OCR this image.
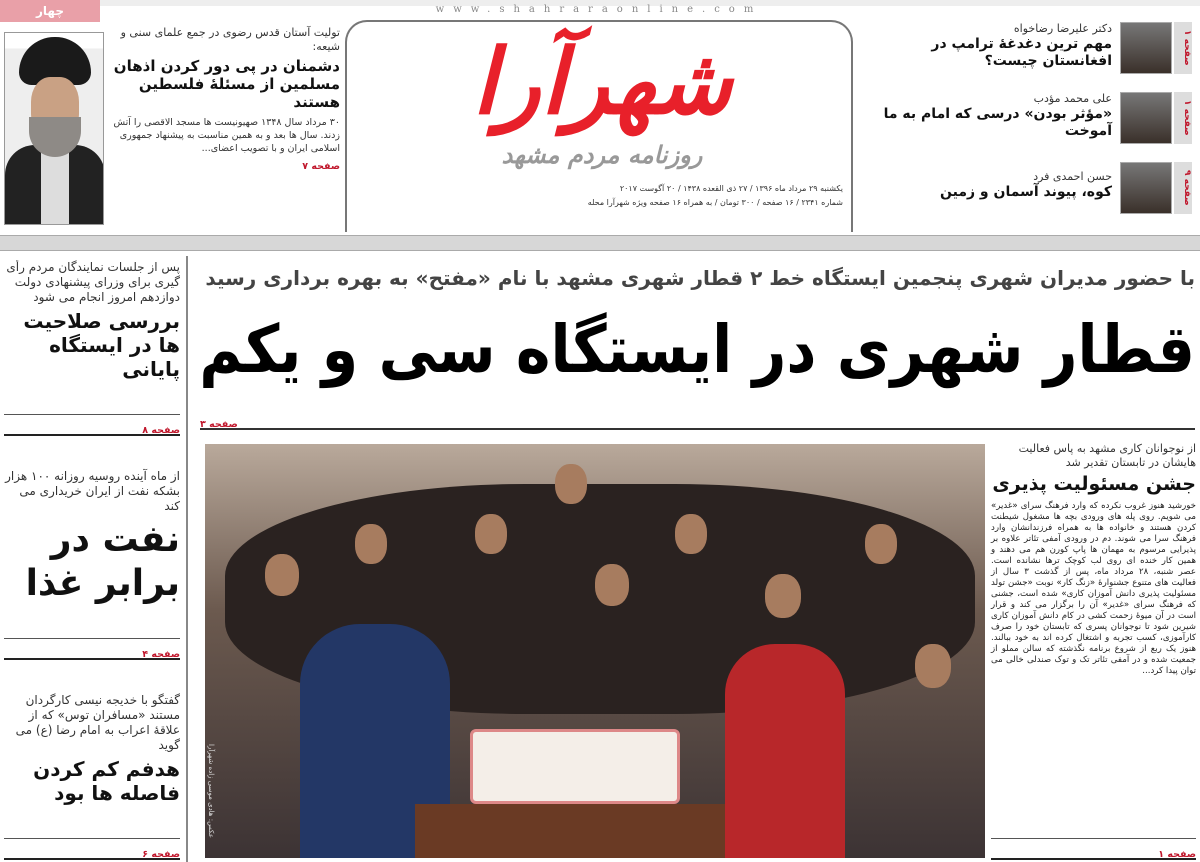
چهار
تولیت آستان قدس رضوی در جمع علمای سنی و شیعه:
دشمنان در پی دور کردن اذهان مسلمین از مسئلهٔ فلسطین هستند
۳۰ مرداد سال ۱۳۴۸ صهیونیست ها مسجد الاقصی را آتش زدند. سال ها بعد و به همین مناسبت به پیشنهاد جمهوری اسلامی ایران و با تصویب اعضای...
صفحه ۷
www.shahraraonline.com
شهرآرا
روزنامه مردم مشهد
یکشنبه ۲۹ مرداد ماه ۱۳۹۶ / ۲۷ ذی القعده ۱۴۳۸ / ۲۰ آگوست ۲۰۱۷
شماره ۲۳۴۱ / ۱۶ صفحه / ۳۰۰ تومان / به همراه ۱۶ صفحه ویژه شهرآرا محله
صفحه ۱
دکتر علیرضا رضاخواه
مهم ترین دغدغهٔ ترامپ در افغانستان چیست؟
صفحه ۱
علی محمد مؤدب
«مؤثر بودن» درسی که امام به ما آموخت
صفحه ۹
حسن احمدی فرد
کوه، پیوند آسمان و زمین
پس از جلسات نمایندگان مردم رأی گیری برای وزرای پیشنهادی دولت دوازدهم امروز انجام می شود
بررسی صلاحیت ها در ایستگاه پایانی
صفحه ۸
از ماه آینده روسیه روزانه ۱۰۰ هزار بشکه نفت از ایران خریداری می کند
نفت در برابر غذا
صفحه ۴
گفتگو با خدیجه نیسی کارگردان مستند «مسافران توس» که از علاقهٔ اعراب به امام رضا (ع) می گوید
هدفم کم کردن فاصله ها بود
صفحه ۶
با حضور مدیران شهری پنجمین ایستگاه خط ۲ قطار شهری مشهد با نام «مفتح» به بهره برداری رسید
قطار شهری در ایستگاه سی و یکم
صفحه ۳
عکس: هادی موسی زاده شهرآرا
از نوجوانان کاری مشهد به پاس فعالیت هایشان در تابستان تقدیر شد
جشن مسئولیت پذیری
خورشید هنوز غروب نکرده که وارد فرهنگ سرای «غدیر» می شویم. روی پله های ورودی بچه ها مشغول شیطنت کردن هستند و خانواده ها به همراه فرزندانشان وارد فرهنگ سرا می شوند. دم در ورودی آمفی تئاتر علاوه بر پذیرایی مرسوم به مهمان ها پاپ کورن هم می دهند و همین کار خنده ای روی لب کوچک ترها نشانده است. عصر شنبه، ۲۸ مرداد ماه، پس از گذشت ۳ سال از فعالیت های متنوع جشنوارهٔ «زنگ کار» نوبت «جشن تولد مسئولیت پذیری دانش آموزان کاری» شده است، جشنی که فرهنگ سرای «غدیر» آن را برگزار می کند و قرار است در آن میوهٔ زحمت کشی در کام دانش آموزان کاری شیرین شود تا نوجوانان پسری که تابستان خود را صرف کارآموزی، کسب تجربه و اشتغال کرده اند به خود ببالند. هنوز یک ربع از شروع برنامه نگذشته که سالن مملو از جمعیت شده و در آمفی تئاتر تک و توک صندلی خالی می توان پیدا کرد...
صفحه ۱
